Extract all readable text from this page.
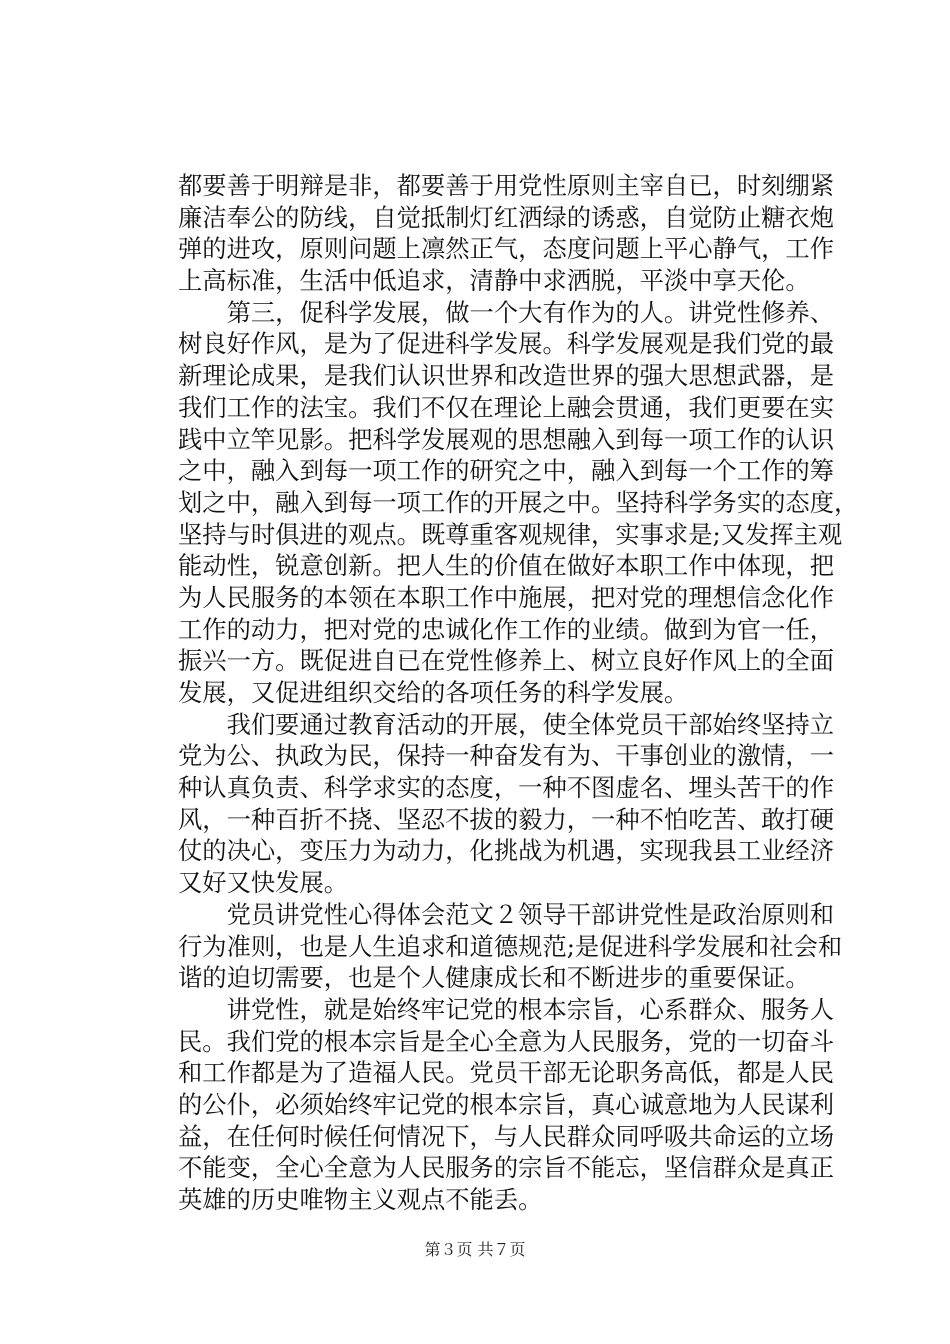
都要善于明辩是非，都要善于用党性原则主宰自已，时刻绷紧
廉洁奉公的防线，自觉抵制灯红洒绿的诱惑，自觉防止糖衣炮
弹的进攻，原则问题上凛然正气，态度问题上平心静气，工作
上高标准，生活中低追求，清静中求洒脱，平淡中享天伦。
　　第三，促科学发展，做一个大有作为的人。讲党性修养、
树良好作风，是为了促进科学发展。科学发展观是我们党的最
新理论成果，是我们认识世界和改造世界的强大思想武器，是
我们工作的法宝。我们不仅在理论上融会贯通，我们更要在实
践中立竿见影。把科学发展观的思想融入到每一项工作的认识
之中，融入到每一项工作的研究之中，融入到每一个工作的筹
划之中，融入到每一项工作的开展之中。坚持科学务实的态度，
坚持与时俱进的观点。既尊重客观规律，实事求是;又发挥主观
能动性，锐意创新。把人生的价值在做好本职工作中体现，把
为人民服务的本领在本职工作中施展，把对党的理想信念化作
工作的动力，把对党的忠诚化作工作的业绩。做到为官一任，
振兴一方。既促进自已在党性修养上、树立良好作风上的全面
发展，又促进组织交给的各项任务的科学发展。
　　我们要通过教育活动的开展，使全体党员干部始终坚持立
党为公、执政为民，保持一种奋发有为、干事创业的激情，一
种认真负责、科学求实的态度，一种不图虚名、埋头苦干的作
风，一种百折不挠、坚忍不拔的毅力，一种不怕吃苦、敢打硬
仗的决心，变压力为动力，化挑战为机遇，实现我县工业经济
又好又快发展。
　　党员讲党性心得体会范文２领导干部讲党性是政治原则和
行为准则，也是人生追求和道德规范;是促进科学发展和社会和
谐的迫切需要，也是个人健康成长和不断进步的重要保证。
　　讲党性，就是始终牢记党的根本宗旨，心系群众、服务人
民。我们党的根本宗旨是全心全意为人民服务，党的一切奋斗
和工作都是为了造福人民。党员干部无论职务高低，都是人民
的公仆，必须始终牢记党的根本宗旨，真心诚意地为人民谋利
益，在任何时候任何情况下，与人民群众同呼吸共命运的立场
不能变，全心全意为人民服务的宗旨不能忘，坚信群众是真正
英雄的历史唯物主义观点不能丢。
第３页 共７页
